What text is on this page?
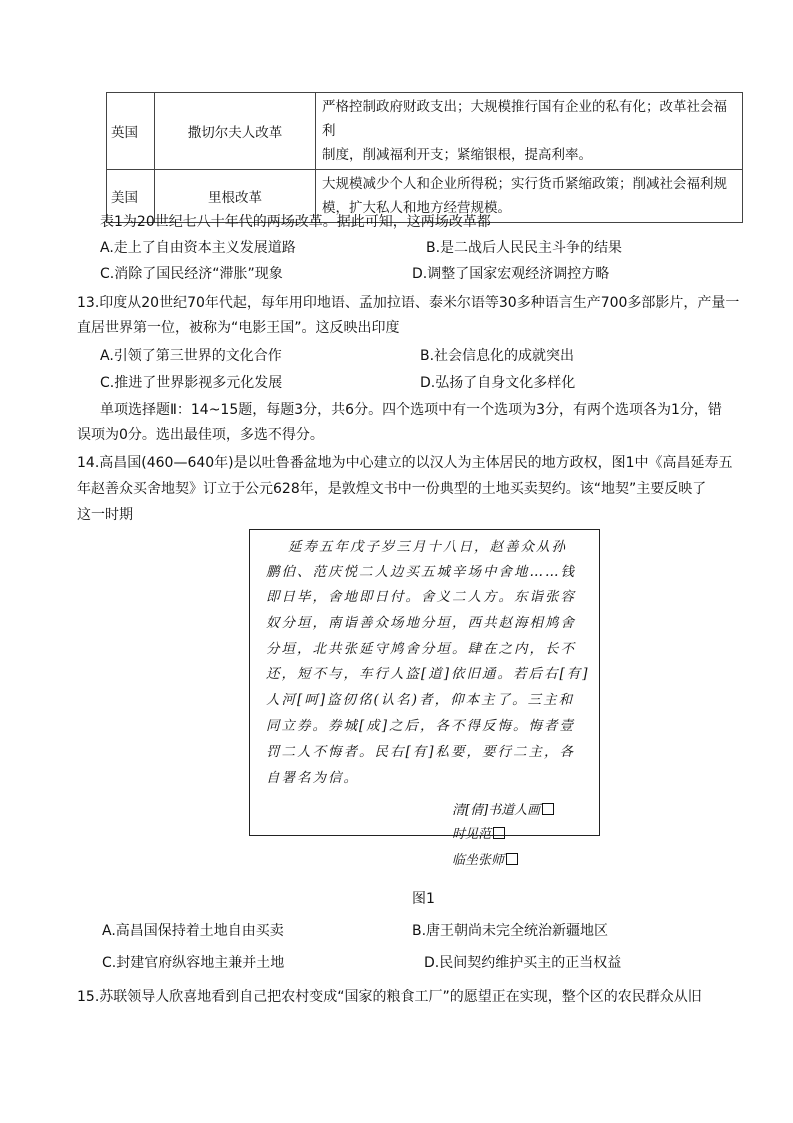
英国	撒切尔夫人改革	严格控制政府财政支出；大规模推行国有企业的私有化；改革社会福利
制度，削减福利开支；紧缩银根，提高利率。

美国	里根改革	大规模减少个人和企业所得税；实行货币紧缩政策；削减社会福利规
模，扩大私人和地方经营规模。
表1为20世纪七八十年代的两场改革。据此可知，这两场改革都
A.走上了自由资本主义发展道路	B.是二战后人民民主斗争的结果
C.消除了国民经济“滞胀”现象	D.调整了国家宏观经济调控方略
13.印度从20世纪70年代起，每年用印地语、孟加拉语、泰米尔语等30多种语言生产700多部影片，产量一
直居世界第一位，被称为“电影王国”。这反映出印度
A.引领了第三世界的文化合作	B.社会信息化的成就突出
C.推进了世界影视多元化发展	D.弘扬了自身文化多样化
单项选择题Ⅱ：14~15题，每题3分，共6分。四个选项中有一个选项为3分，有两个选项各为1分，错
误项为0分。选出最佳项，多选不得分。
14.高昌国(460—640年)是以吐鲁番盆地为中心建立的以汉人为主体居民的地方政权，图1中《高昌延寿五
年赵善众买舍地契》订立于公元628年，是敦煌文书中一份典型的土地买卖契约。该“地契”主要反映了
这一时期
延寿五年戊子岁三月十八日，赵善众从孙
鹏伯、范庆悦二人边买五城辛场中舍地……钱
即日毕，舍地即日付。舍义二人方。东诣张容
奴分垣，南诣善众场地分垣，西共赵海相鸠舍
分垣，北共张延守鸠舍分垣。肆在之内，长不
还，短不与，车行人盗[道]依旧通。若后右[有]
人河[呵]盗仞佲(认名)者，仰本主了。三主和
同立券。券城[成]之后，各不得反悔。悔者壹
罚二人不悔者。民右[有]私要，要行二主，各
自署名为信。
清[倩]书道人画
时见范
临坐张师
图1
A.高昌国保持着土地自由买卖	B.唐王朝尚未完全统治新疆地区
C.封建官府纵容地主兼并土地	D.民间契约维护买主的正当权益
15.苏联领导人欣喜地看到自己把农村变成“国家的粮食工厂”的愿望正在实现，整个区的农民群众从旧
